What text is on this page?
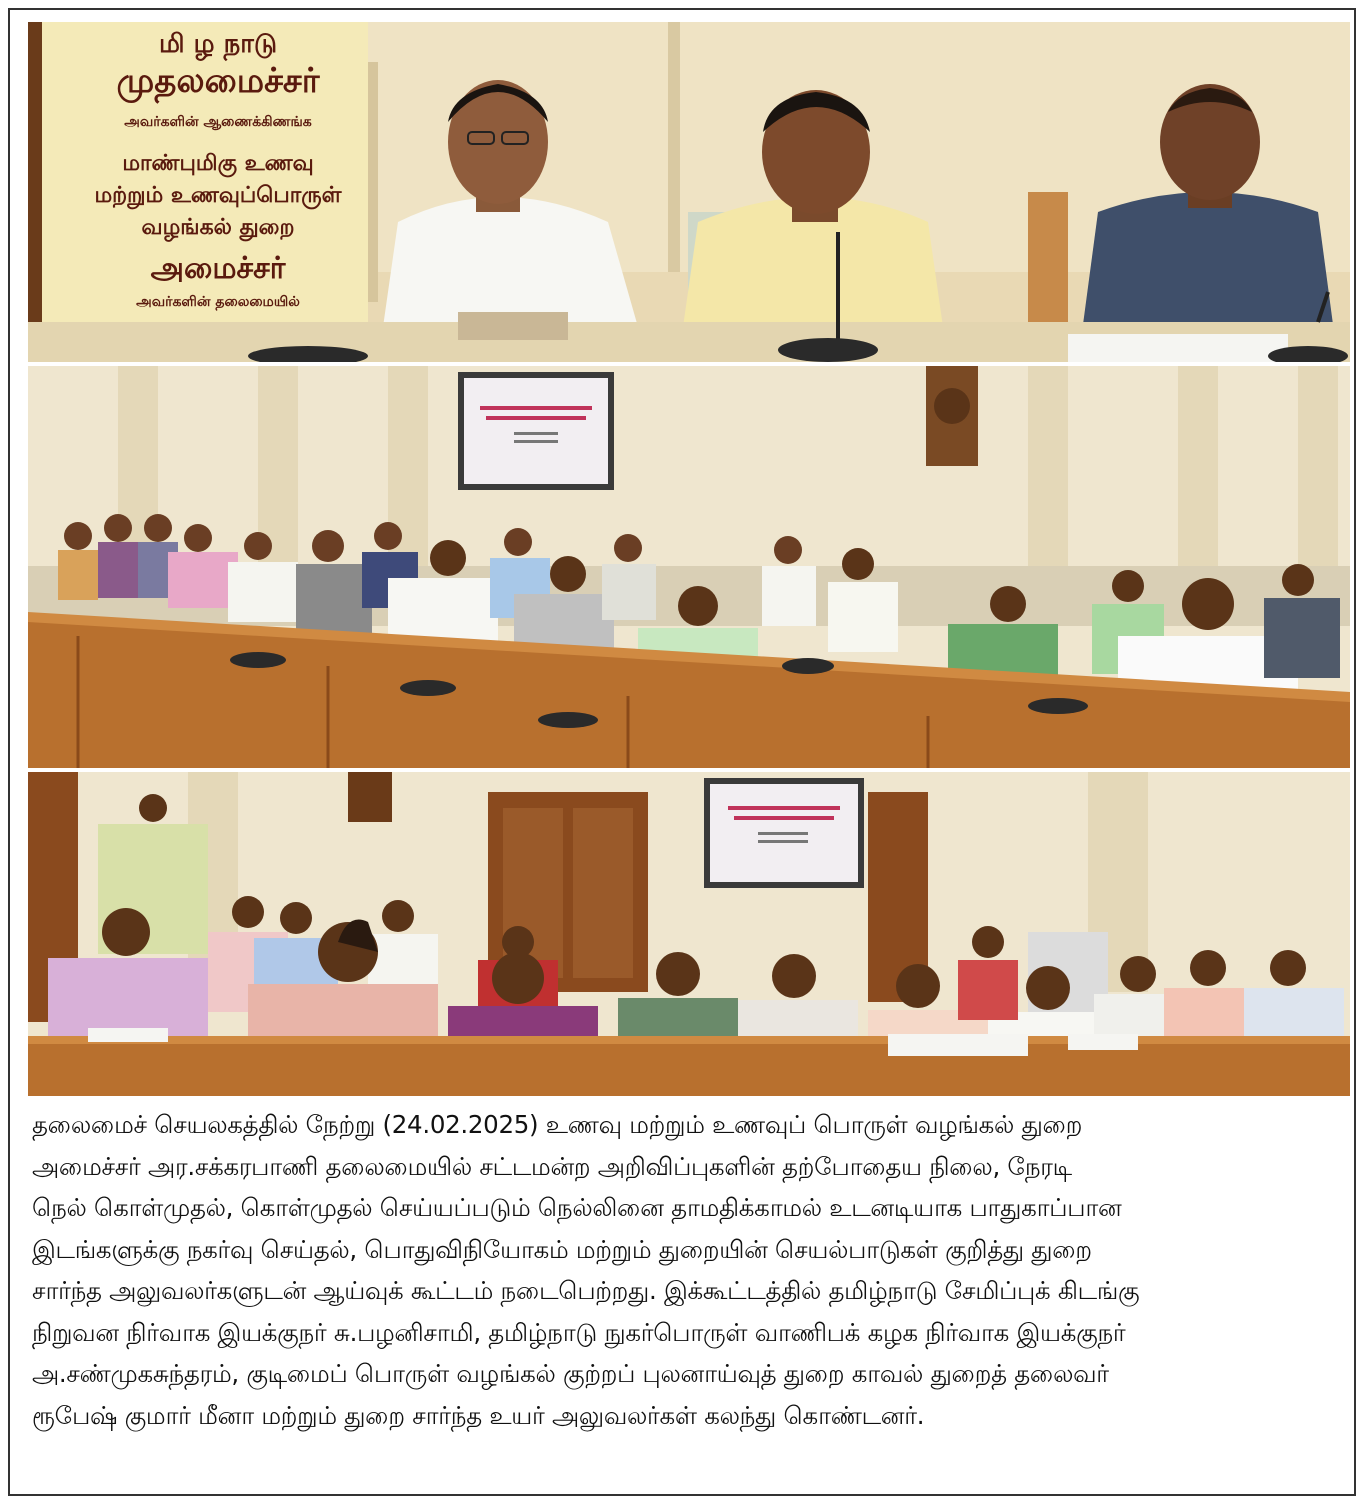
மி ழ நாடு
முதலமைச்சர்
அவர்களின் ஆணைக்கிணங்க
மாண்புமிகு உணவு
மற்றும் உணவுப்பொருள்
வழங்கல் துறை
அமைச்சர்
அவர்களின் தலைமையில்

தலைமைச் செயலகத்தில் நேற்று (24.02.2025) உணவு மற்றும் உணவுப் பொருள் வழங்கல் துறை

அமைச்சர் அர.சக்கரபாணி தலைமையில் சட்டமன்ற அறிவிப்புகளின் தற்போதைய நிலை, நேரடி

நெல் கொள்முதல், கொள்முதல் செய்யப்படும் நெல்லினை தாமதிக்காமல் உடனடியாக பாதுகாப்பான

இடங்களுக்கு நகர்வு செய்தல், பொதுவிநியோகம் மற்றும் துறையின் செயல்பாடுகள் குறித்து துறை

சார்ந்த அலுவலர்களுடன் ஆய்வுக் கூட்டம் நடைபெற்றது. இக்கூட்டத்தில் தமிழ்நாடு சேமிப்புக் கிடங்கு

நிறுவன நிர்வாக இயக்குநர் சு.பழனிசாமி, தமிழ்நாடு நுகர்பொருள் வாணிபக் கழக நிர்வாக இயக்குநர்

அ.சண்முகசுந்தரம், குடிமைப் பொருள் வழங்கல் குற்றப் புலனாய்வுத் துறை காவல் துறைத் தலைவர்

ரூபேஷ் குமார் மீனா மற்றும் துறை சார்ந்த உயர் அலுவலர்கள் கலந்து கொண்டனர்.
